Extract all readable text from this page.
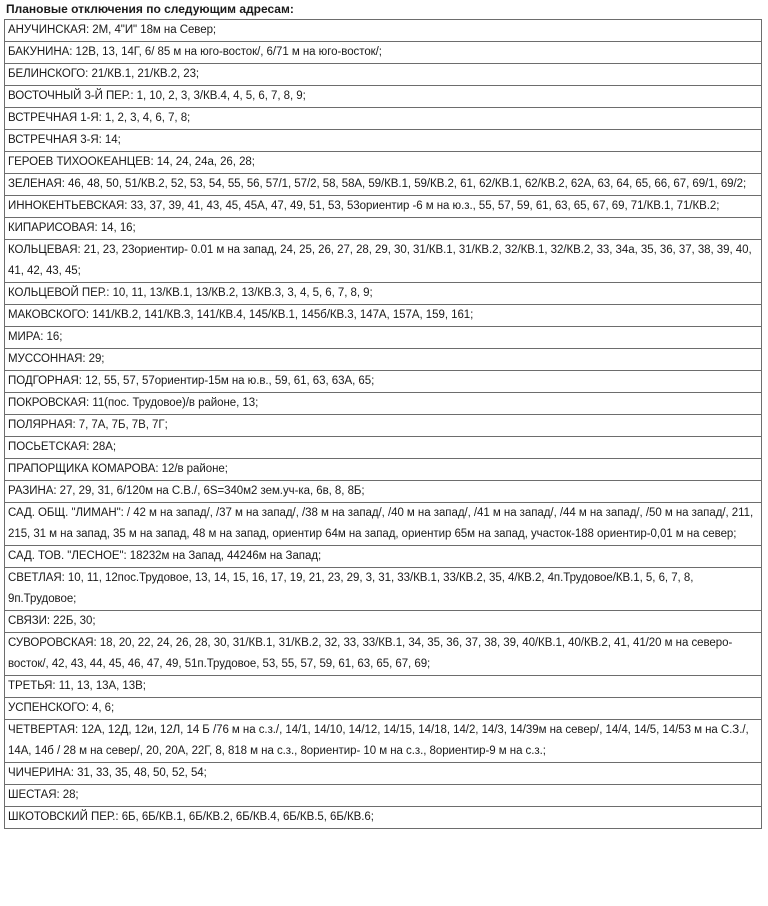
Плановые отключения по следующим адресам:
АНУЧИНСКАЯ: 2М, 4"И" 18м на Север;
БАКУНИНА: 12В, 13, 14Г, 6/ 85 м на юго-восток/, 6/71 м на юго-восток/;
БЕЛИНСКОГО: 21/КВ.1, 21/КВ.2, 23;
ВОСТОЧНЫЙ 3-Й ПЕР.: 1, 10, 2, 3, 3/КВ.4, 4, 5, 6, 7, 8, 9;
ВСТРЕЧНАЯ 1-Я: 1, 2, 3, 4, 6, 7, 8;
ВСТРЕЧНАЯ 3-Я: 14;
ГЕРОЕВ ТИХООКЕАНЦЕВ: 14, 24, 24а, 26, 28;
ЗЕЛЕНАЯ: 46, 48, 50, 51/КВ.2, 52, 53, 54, 55, 56, 57/1, 57/2, 58, 58А, 59/КВ.1, 59/КВ.2, 61, 62/КВ.1, 62/КВ.2, 62А, 63, 64, 65, 66, 67, 69/1, 69/2;
ИННОКЕНТЬЕВСКАЯ: 33, 37, 39, 41, 43, 45, 45А, 47, 49, 51, 53, 53ориентир -6 м на ю.з., 55, 57, 59, 61, 63, 65, 67, 69, 71/КВ.1, 71/КВ.2;
КИПАРИСОВАЯ: 14, 16;
КОЛЬЦЕВАЯ: 21, 23, 23ориентир- 0.01 м на запад, 24, 25, 26, 27, 28, 29, 30, 31/КВ.1, 31/КВ.2, 32/КВ.1, 32/КВ.2, 33, 34а, 35, 36, 37, 38, 39, 40, 41, 42, 43, 45;
КОЛЬЦЕВОЙ ПЕР.: 10, 11, 13/КВ.1, 13/КВ.2, 13/КВ.3, 3, 4, 5, 6, 7, 8, 9;
МАКОВСКОГО: 141/КВ.2, 141/КВ.3, 141/КВ.4, 145/КВ.1, 145б/КВ.3, 147А, 157А, 159, 161;
МИРА: 16;
МУССОННАЯ: 29;
ПОДГОРНАЯ: 12, 55, 57, 57ориентир-15м на ю.в., 59, 61, 63, 63А, 65;
ПОКРОВСКАЯ: 11(пос. Трудовое)/в районе, 13;
ПОЛЯРНАЯ: 7, 7А, 7Б, 7В, 7Г;
ПОСЬЕТСКАЯ: 28А;
ПРАПОРЩИКА КОМАРОВА: 12/в районе;
РАЗИНА: 27, 29, 31, 6/120м на С.В./, 6S=340м2 зем.уч-ка, 6в, 8, 8Б;
САД. ОБЩ. "ЛИМАН": / 42 м на запад/, /37 м на запад/, /38 м на запад/, /40 м на запад/, /41 м на запад/, /44 м на запад/, /50 м на запад/, 211, 215, 31 м на запад, 35 м на запад, 48 м на запад, ориентир 64м на запад, ориентир 65м на запад, участок-188 ориентир-0,01 м на север;
САД. ТОВ. "ЛЕСНОЕ": 18232м на Запад, 44246м на Запад;
СВЕТЛАЯ: 10, 11, 12пос.Трудовое, 13, 14, 15, 16, 17, 19, 21, 23, 29, 3, 31, 33/КВ.1, 33/КВ.2, 35, 4/КВ.2, 4п.Трудовое/КВ.1, 5, 6, 7, 8, 9п.Трудовое;
СВЯЗИ: 22Б, 30;
СУВОРОВСКАЯ: 18, 20, 22, 24, 26, 28, 30, 31/КВ.1, 31/КВ.2, 32, 33, 33/КВ.1, 34, 35, 36, 37, 38, 39, 40/КВ.1, 40/КВ.2, 41, 41/20 м на северо-восток/, 42, 43, 44, 45, 46, 47, 49, 51п.Трудовое, 53, 55, 57, 59, 61, 63, 65, 67, 69;
ТРЕТЬЯ: 11, 13, 13А, 13В;
УСПЕНСКОГО: 4, 6;
ЧЕТВЕРТАЯ: 12А, 12Д, 12и, 12Л, 14 Б /76 м на с.з./, 14/1, 14/10, 14/12, 14/15, 14/18, 14/2, 14/3, 14/39м на север/, 14/4, 14/5, 14/53 м на С.З./, 14А, 14б / 28 м на север/, 20, 20А, 22Г, 8, 818 м на с.з., 8ориентир- 10 м на с.з., 8ориентир-9 м на с.з.;
ЧИЧЕРИНА: 31, 33, 35, 48, 50, 52, 54;
ШЕСТАЯ: 28;
ШКОТОВСКИЙ ПЕР.: 6Б, 6Б/КВ.1, 6Б/КВ.2, 6Б/КВ.4, 6Б/КВ.5, 6Б/КВ.6;
